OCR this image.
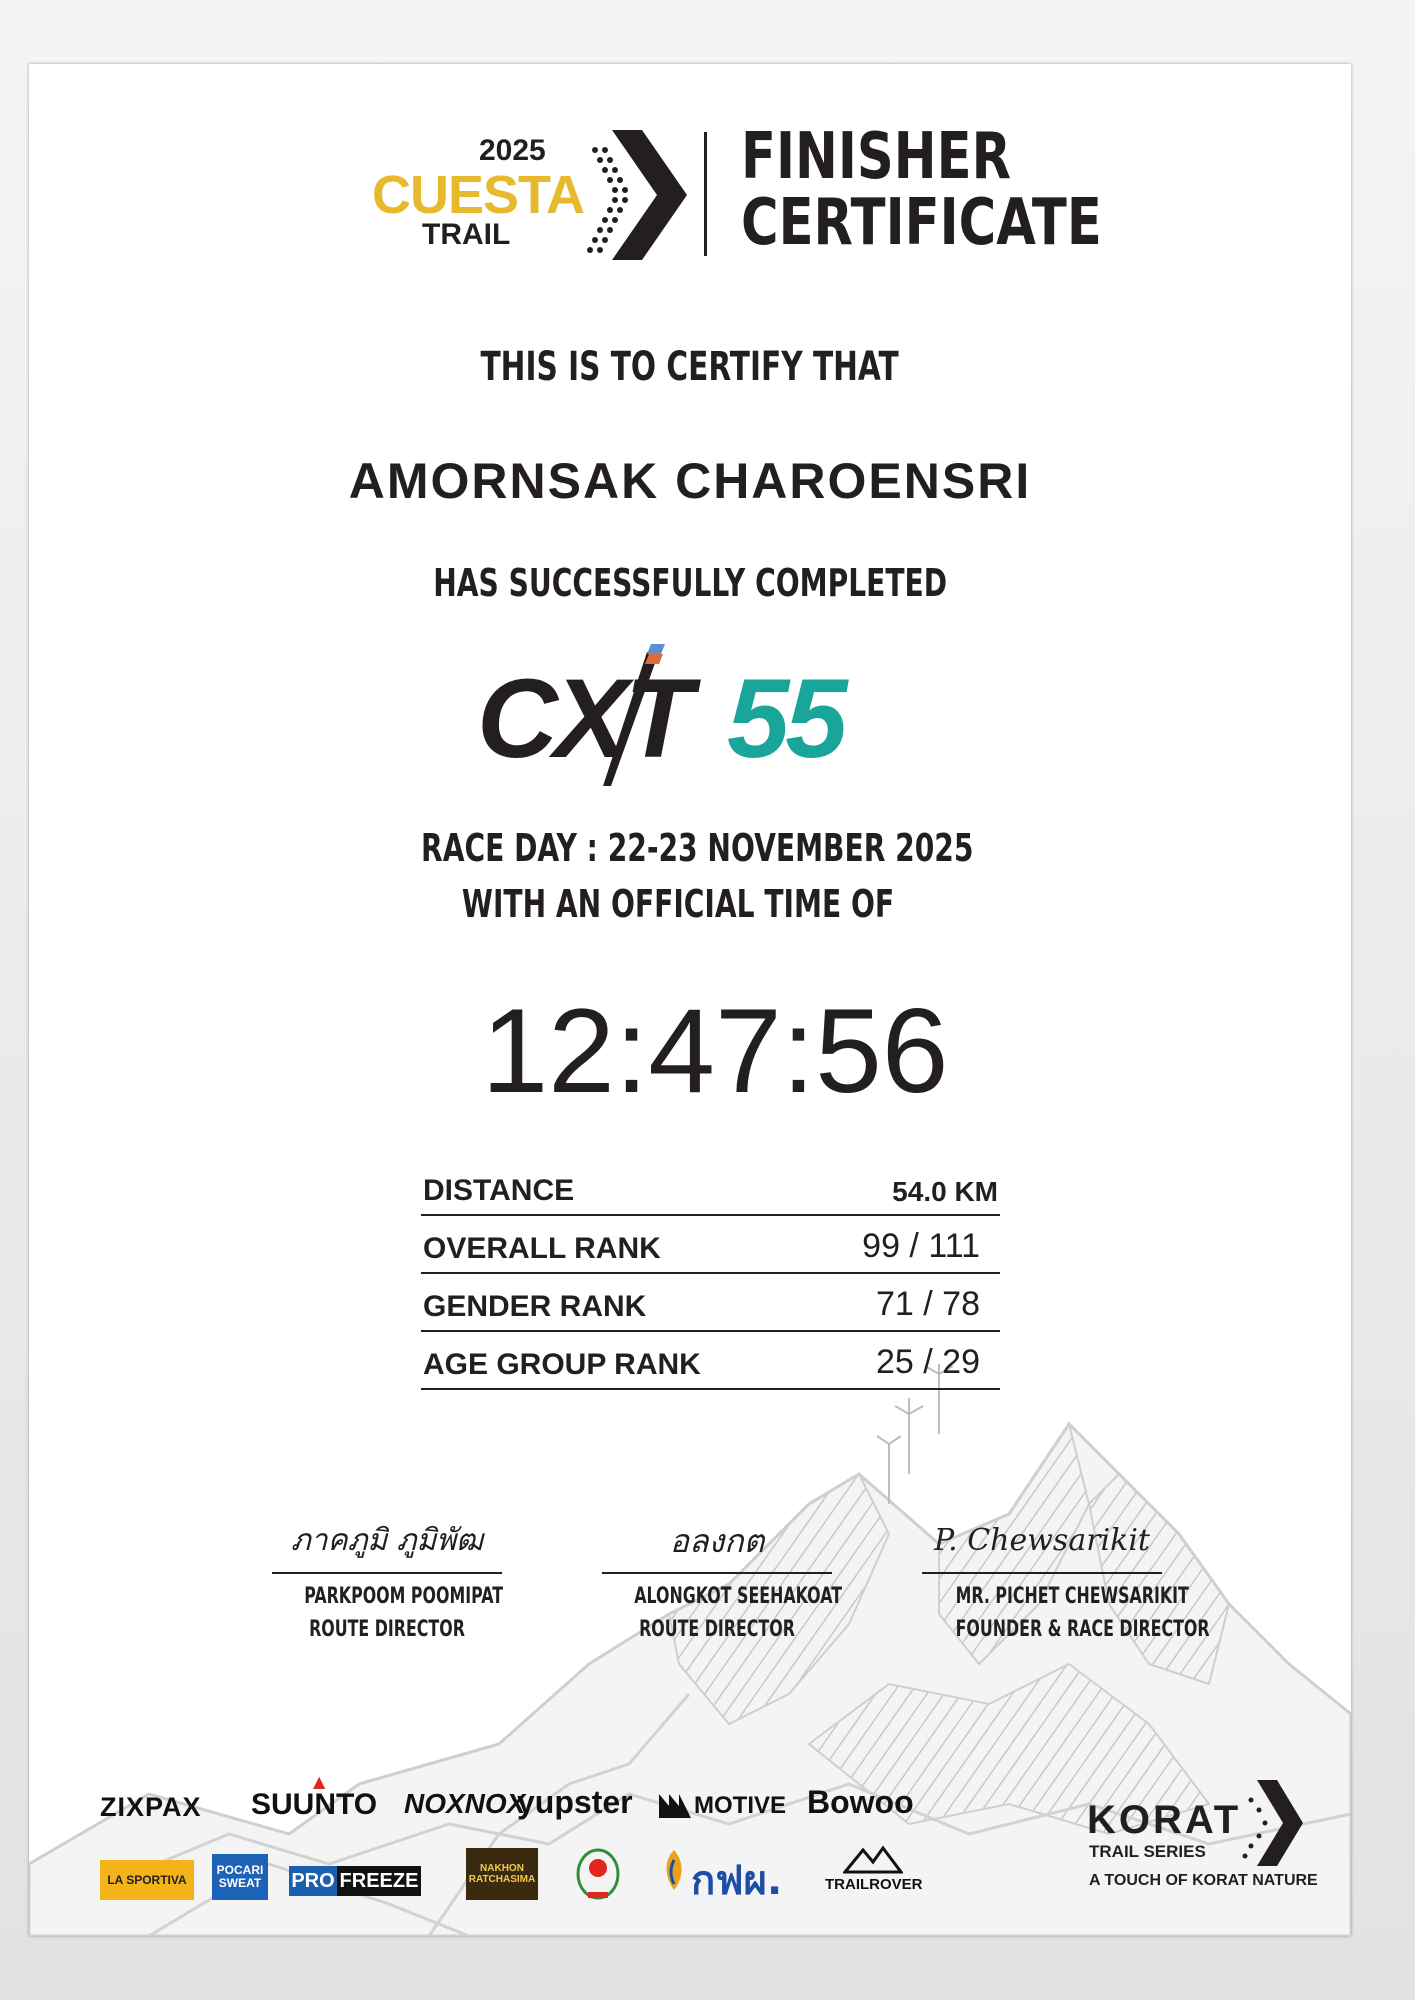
2025
CUESTA
TRAIL
FINISHER
CERTIFICATE
THIS IS TO CERTIFY THAT
AMORNSAK CHAROENSRI
HAS SUCCESSFULLY COMPLETED
CXT 55
RACE DAY : 22-23 NOVEMBER 2025
WITH AN OFFICIAL TIME OF
12:47:56
DISTANCE	54.0 KM
OVERALL RANK	99 / 111
GENDER RANK	71 / 78
AGE GROUP RANK	25 / 29
ภาคภูมิ ภูมิพัฒ
PARKPOOM POOMIPAT
ROUTE DIRECTOR
อลงกต
ALONGKOT SEEHAKOAT
ROUTE DIRECTOR
P. Chewsarikit
MR. PICHET CHEWSARIKIT
FOUNDER & RACE DIRECTOR
ZIXPAX SUUNTO
▲
NOXNOX
yupster	MOTIVE Bowoo
LA SPORTIVA
POCARI SWEAT	PRO FREEZE
NAKHON RATCHASIMA	กฟผ.	TRAILROVER
KORAT
TRAIL SERIES
A TOUCH OF KORAT NATURE
